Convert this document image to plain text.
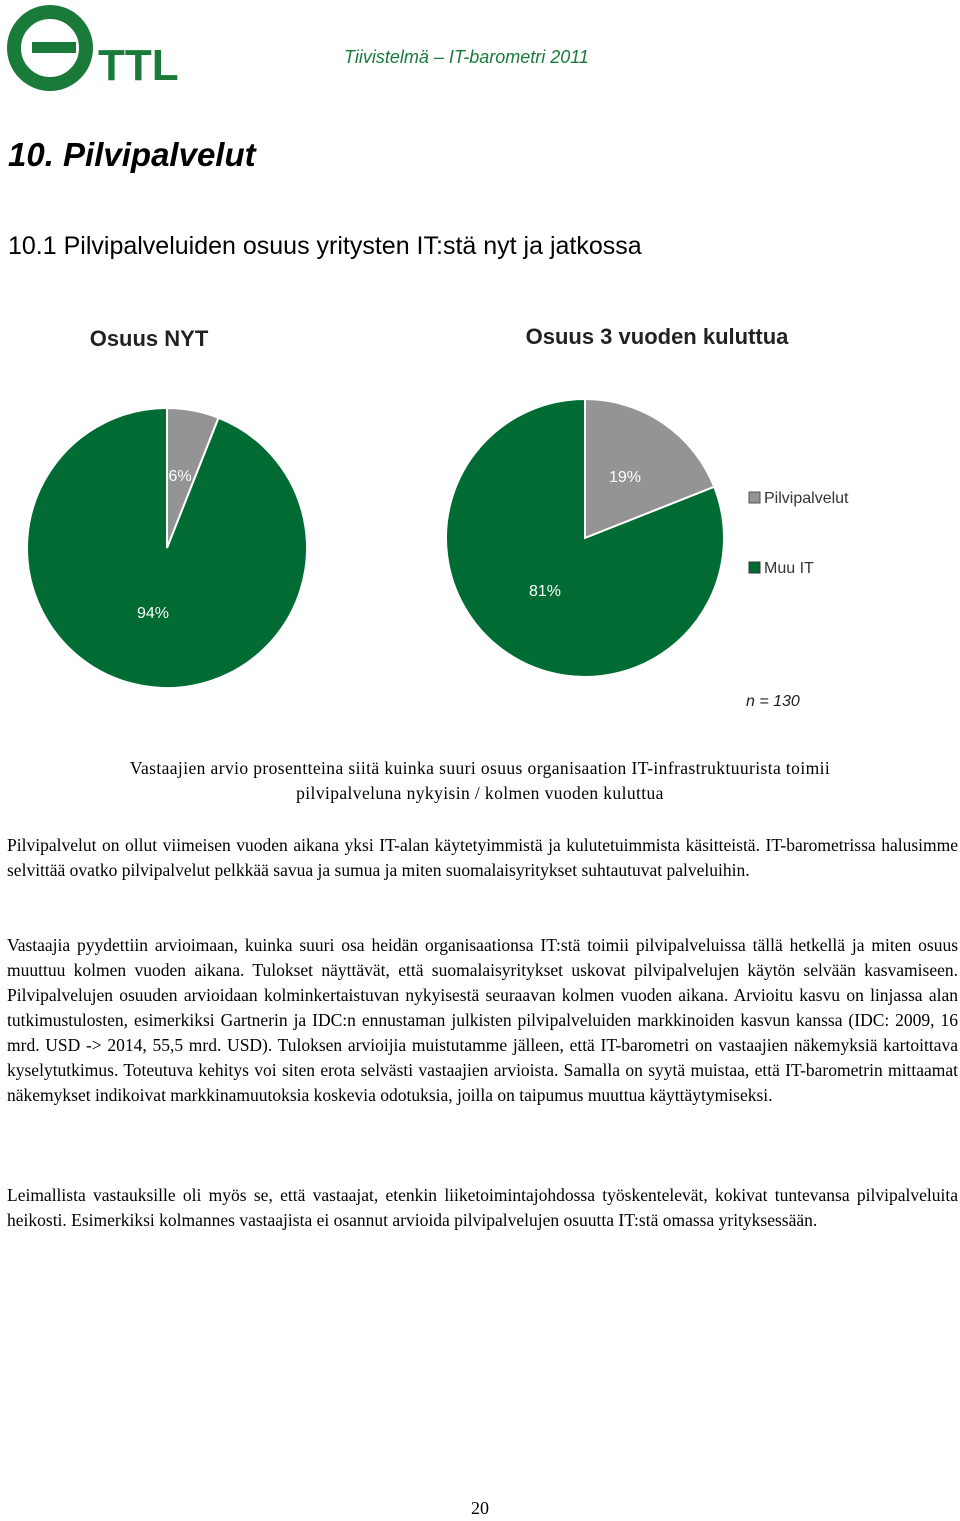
TTL	Tiivistelmä – IT-barometri 2011
10. Pilvipalvelut
10.1 Pilvipalveluiden osuus yritysten IT:stä nyt ja jatkossa
Osuus NYT	Osuus 3 vuoden kuluttua
6%
94%
19%
81%
Pilvipalvelut
Muu IT
n = 130
Vastaajien arvio prosentteina siitä kuinka suuri osuus organisaation IT-infrastruktuurista toimii
pilvipalveluna nykyisin / kolmen vuoden kuluttua
Pilvipalvelut on ollut viimeisen vuoden aikana yksi IT-alan käytetyimmistä ja kulutetuimmista käsitteistä. IT-barometrissa halusimme selvittää ovatko pilvipalvelut pelkkää savua ja sumua ja miten suomalaisyritykset suhtautuvat palveluihin.
Vastaajia pyydettiin arvioimaan, kuinka suuri osa heidän organisaationsa IT:stä toimii pilvipalveluissa tällä hetkellä ja miten osuus muuttuu kolmen vuoden aikana. Tulokset näyttävät, että suomalaisyritykset uskovat pilvipalvelujen käytön selvään kasvamiseen. Pilvipalvelujen osuuden arvioidaan kolminkertaistuvan nykyisestä seuraavan kolmen vuoden aikana. Arvioitu kasvu on linjassa alan tutkimustulosten, esimerkiksi Gartnerin ja IDC:n ennustaman julkisten pilvipalveluiden markkinoiden kasvun kanssa (IDC: 2009, 16 mrd. USD -> 2014, 55,5 mrd. USD). Tuloksen arvioijia muistutamme jälleen, että IT-barometri on vastaajien näkemyksiä kartoittava kyselytutkimus. Toteutuva kehitys voi siten erota selvästi vastaajien arvioista. Samalla on syytä muistaa, että IT-barometrin mittaamat näkemykset indikoivat markkinamuutoksia koskevia odotuksia, joilla on taipumus muuttua käyttäytymiseksi.
Leimallista vastauksille oli myös se, että vastaajat, etenkin liiketoimintajohdossa työskentelevät, kokivat tuntevansa pilvipalveluita heikosti. Esimerkiksi kolmannes vastaajista ei osannut arvioida pilvipalvelujen osuutta IT:stä omassa yrityksessään.
20
